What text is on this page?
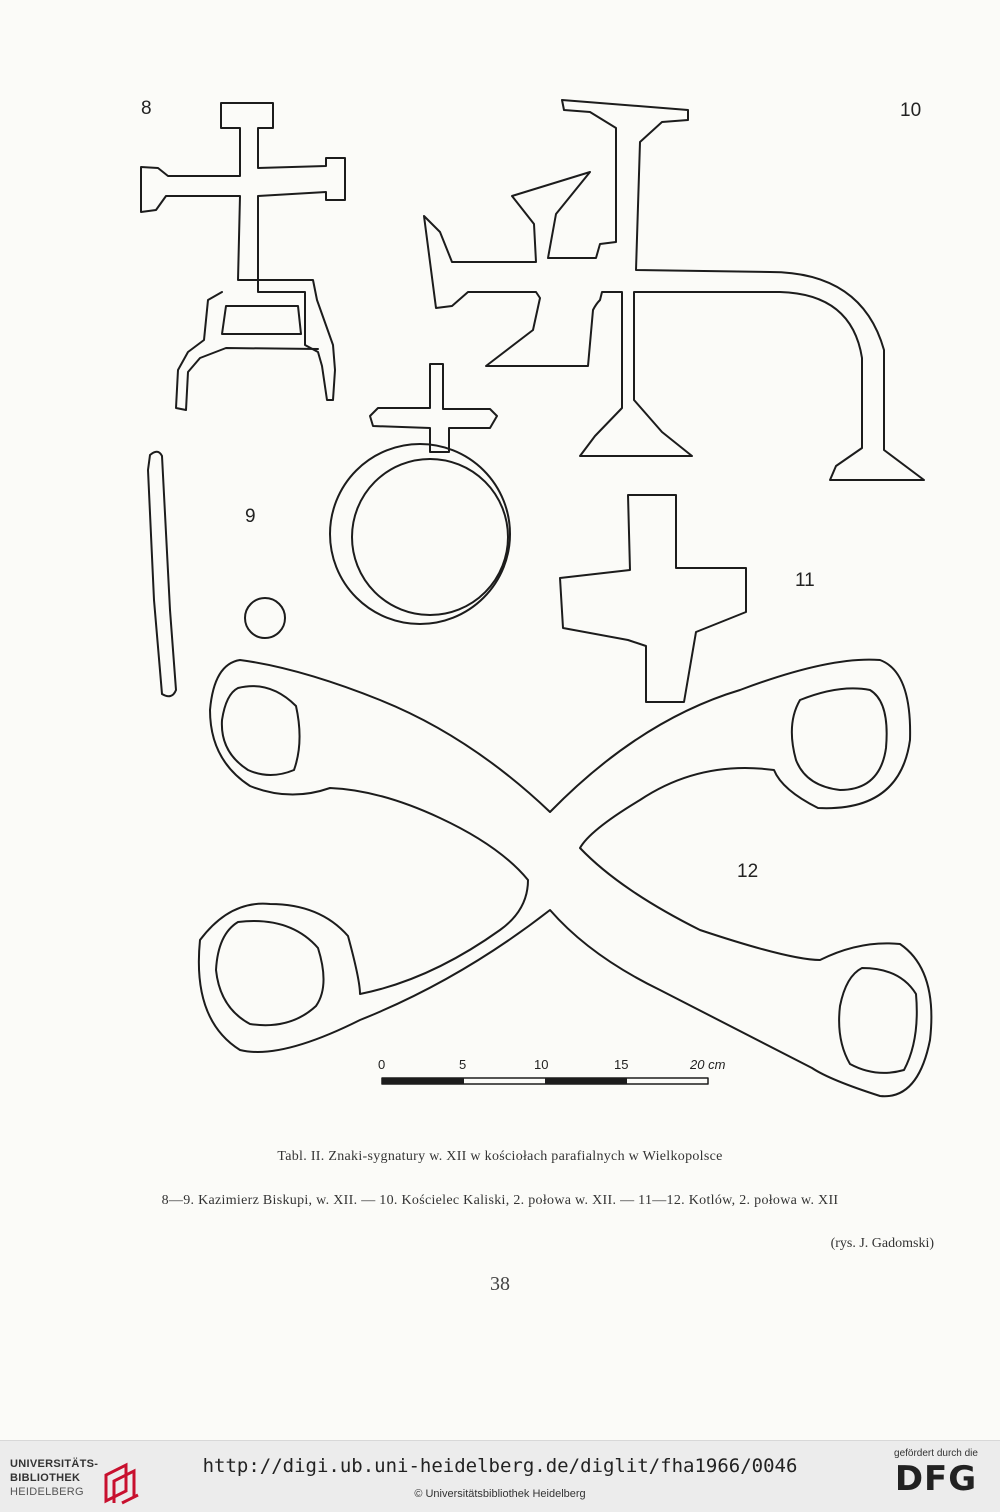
8	10
9
11
12
0	5	10	15	20 cm
Tabl. II. Znaki-sygnatury w. XII w kościołach parafialnych w Wielkopolsce
8—9. Kazimierz Biskupi, w. XII. — 10. Kościelec Kaliski, 2. połowa w. XII. — 11—12. Kotlów, 2. połowa w. XII
(rys. J. Gadomski)
38
UNIVERSITÄTS-
BIBLIOTHEK
HEIDELBERG
http://digi.ub.uni-heidelberg.de/diglit/fha1966/0046
© Universitätsbibliothek Heidelberg
gefördert durch die
DFG
